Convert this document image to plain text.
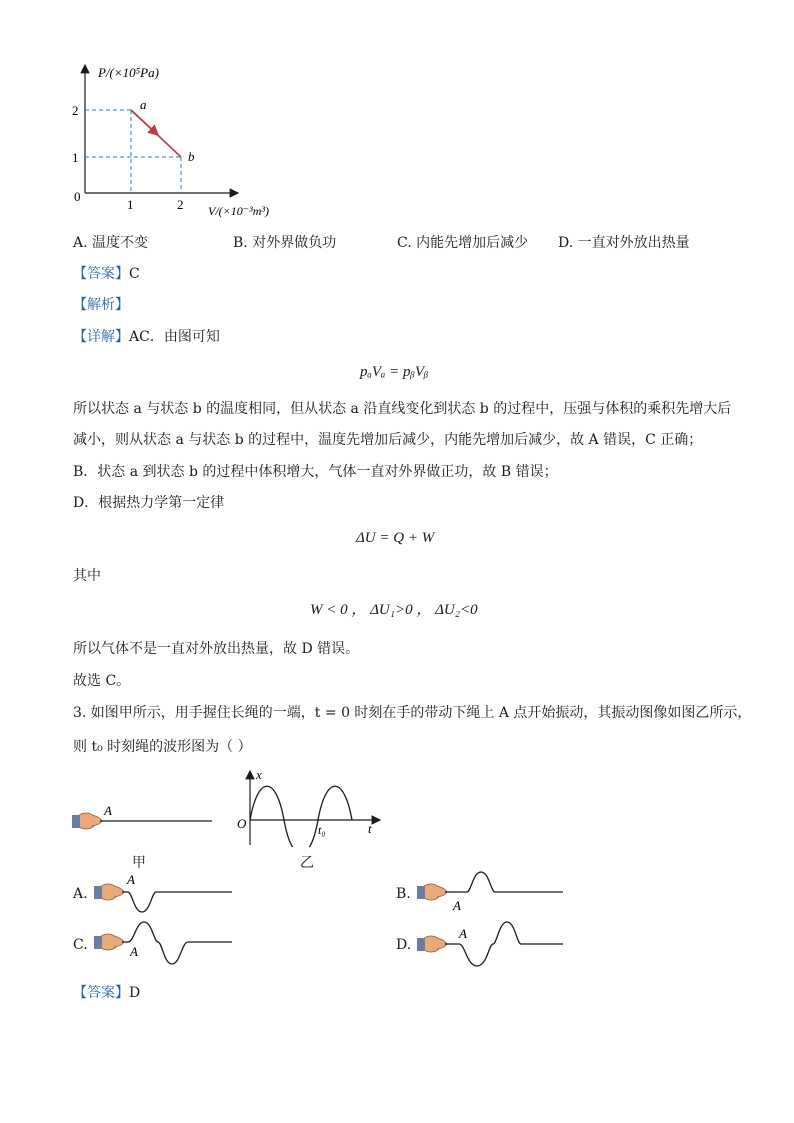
P/(×10⁵Pa)
V/(×10⁻³m³)
2
1
0
1	2
a
b
A. 温度不变	B. 对外界做负功	C. 内能先增加后减少 D. 一直对外放出热量
【答案】C
【解析】
【详解】AC．由图可知
pₐVₐ = pᵦVᵦ
所以状态 a 与状态 b 的温度相同，但从状态 a 沿直线变化到状态 b 的过程中，压强与体积的乘积先增大后
减小，则从状态 a 与状态 b 的过程中，温度先增加后减少，内能先增加后减少，故 A 错误，C 正确；
B．状态 a 到状态 b 的过程中体积增大，气体一直对外界做正功，故 B 错误；
D．根据热力学第一定律
ΔU = Q + W
其中
W < 0 ， ΔU₁>0 ， ΔU₂<0
所以气体不是一直对外放出热量，故 D 错误。
故选 C。
3. 如图甲所示，用手握住长绳的一端，t = 0 时刻在手的带动下绳上 A 点开始振动，其振动图像如图乙所示，
则 t₀ 时刻绳的波形图为（ ）
A
甲
x
t
O	t₀
乙
A.
A
B.
A
C.	A	D.
A
【答案】D
